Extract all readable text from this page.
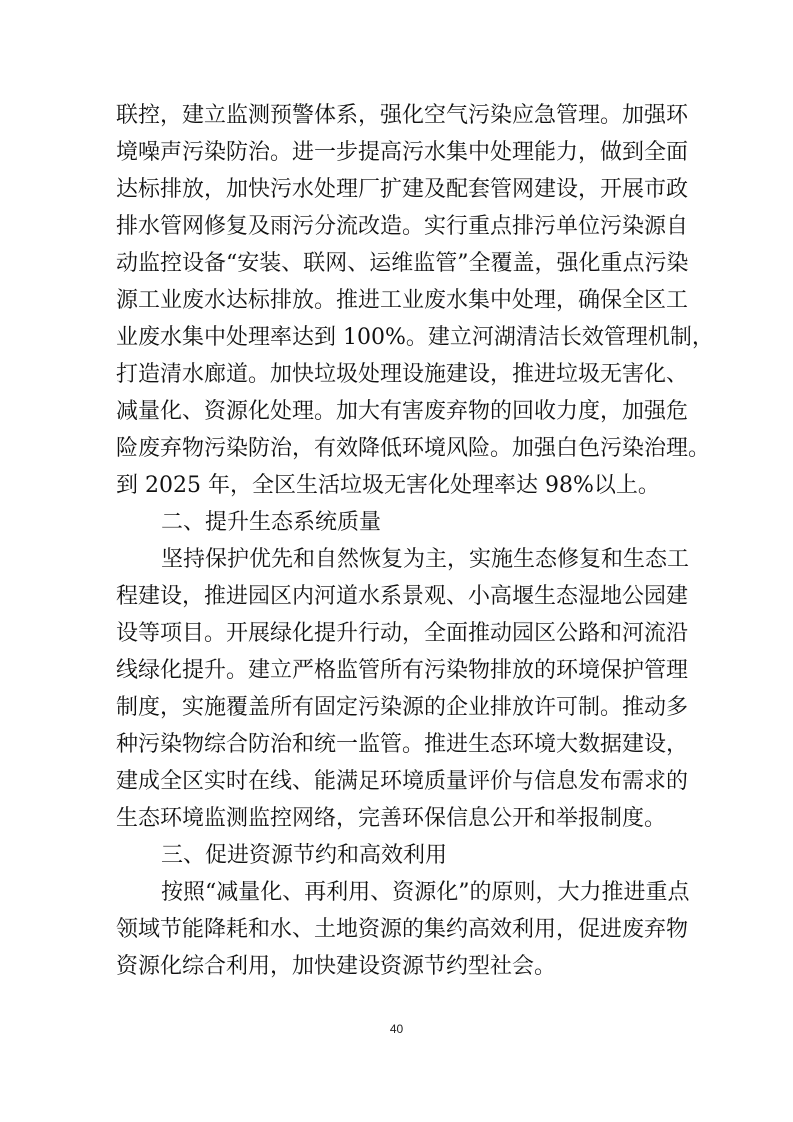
联控，建立监测预警体系，强化空气污染应急管理。加强环
境噪声污染防治。进一步提高污水集中处理能力，做到全面
达标排放，加快污水处理厂扩建及配套管网建设，开展市政
排水管网修复及雨污分流改造。实行重点排污单位污染源自
动监控设备“安装、联网、运维监管”全覆盖，强化重点污染
源工业废水达标排放。推进工业废水集中处理，确保全区工
业废水集中处理率达到 100%。建立河湖清洁长效管理机制，
打造清水廊道。加快垃圾处理设施建设，推进垃圾无害化、
减量化、资源化处理。加大有害废弃物的回收力度，加强危
险废弃物污染防治，有效降低环境风险。加强白色污染治理。
到 2025 年，全区生活垃圾无害化处理率达 98%以上。
二、提升生态系统质量
坚持保护优先和自然恢复为主，实施生态修复和生态工
程建设，推进园区内河道水系景观、小高堰生态湿地公园建
设等项目。开展绿化提升行动，全面推动园区公路和河流沿
线绿化提升。建立严格监管所有污染物排放的环境保护管理
制度，实施覆盖所有固定污染源的企业排放许可制。推动多
种污染物综合防治和统一监管。推进生态环境大数据建设，
建成全区实时在线、能满足环境质量评价与信息发布需求的
生态环境监测监控网络，完善环保信息公开和举报制度。
三、促进资源节约和高效利用
按照“减量化、再利用、资源化”的原则，大力推进重点
领域节能降耗和水、土地资源的集约高效利用，促进废弃物
资源化综合利用，加快建设资源节约型社会。
40
